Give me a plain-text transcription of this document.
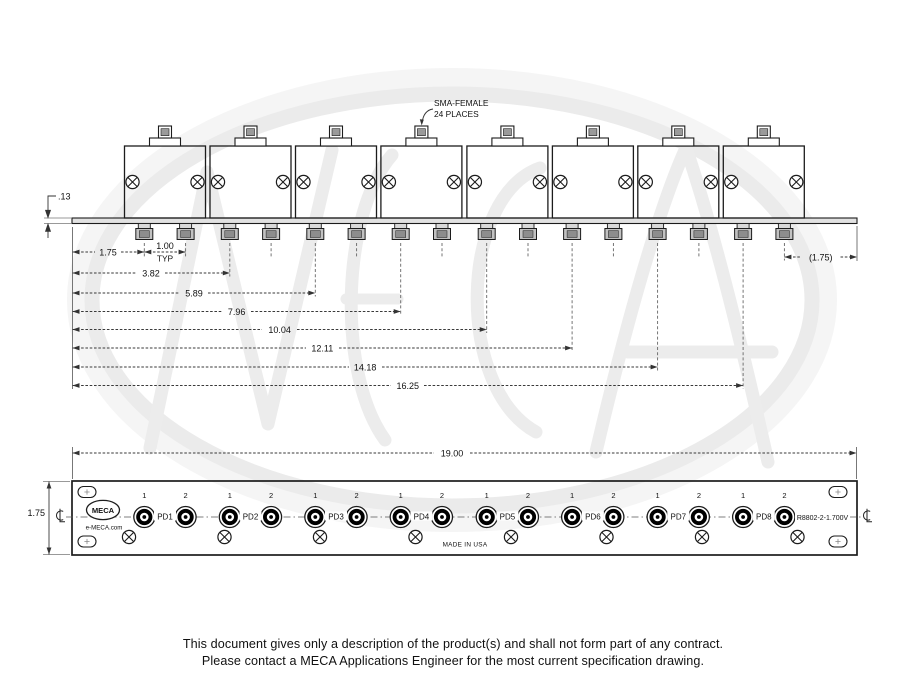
SMA-FEMALE
24 PLACES
.13
1.75
1.00
TYP
3.82
5.89
7.96
10.04
12.11
14.18
16.25
(1.75)
19.00
1.75	MECA
e-MECA.com
1	2	1	2	1	2	1	2	1	2	1	2	1	2	1	2
PD1	PD2	PD3	PD4	PD5	PD6	PD7	PD8	R8802-2-1.700V
MADE IN USA
This document gives only a description of the product(s) and shall not form part of any contract.
Please contact a MECA Applications Engineer for the most current specification drawing.
